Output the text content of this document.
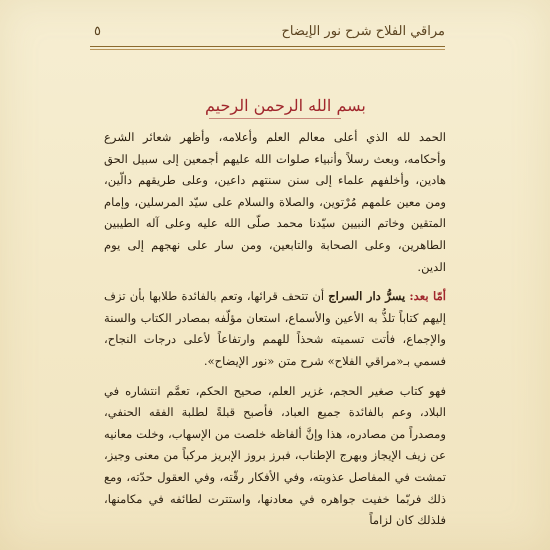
٥	مراقي الفلاح شرح نور الإيضاح
بسم الله الرحمن الرحيم

الحمد لله الذي أعلى معالم العلم وأعلامه، وأظهر شعائر الشرع وأحكامه، وبعث رسلاً وأنبياء صلوات الله عليهم أجمعين إلى سبيل الحق هادين، وأخلفهم علماء إلى سنن سنتهم داعين، وعلى طريقهم دالّين، ومن معين علمهم مُرْتوين، والصلاة والسلام على سيّد المرسلين، وإمام المتقين وخاتم النبيين سيّدنا محمد صلّى الله عليه وعلى آله الطيبين الطاهرين، وعلى الصحابة والتابعين، ومن سار على نهجهم إلى يوم الدين.

أمّا بعد: يسرُّ دار السراج أن تتحف قرائها، وتعم بالفائدة طلابها بأن تزف إليهم كتاباً تلذُّ به الأعين والأسماع، استعان مؤلّفه بمصادر الكتاب والسنة والإجماع، فأتت تسميته شحذاً للهمم وارتفاعاً لأعلى درجات النجاح، فسمي بـ«مراقي الفلاح» شرح متن «نور الإيضاح».

فهو كتاب صغير الحجم، غزير العلم، صحيح الحكم، تعمَّم انتشاره في البلاد، وعم بالفائدة جميع العباد، فأصبح قبلةً لطلبة الفقه الحنفي، ومصدراً من مصادره، هذا وإنَّ ألفاظه خلصت من الإسهاب، وخلت معانيه عن زيف الإيجاز وبهرج الإطناب، فبرز بروز الإبريز مركباً من معنى وجيز، تمشت في المفاصل عذوبته، وفي الأفكار رقّته، وفي العقول حدّته، ومع ذلك فربّما خفيت جواهره في معادنها، واستترت لطائفه في مكامنها، فلذلك كان لزاماً
